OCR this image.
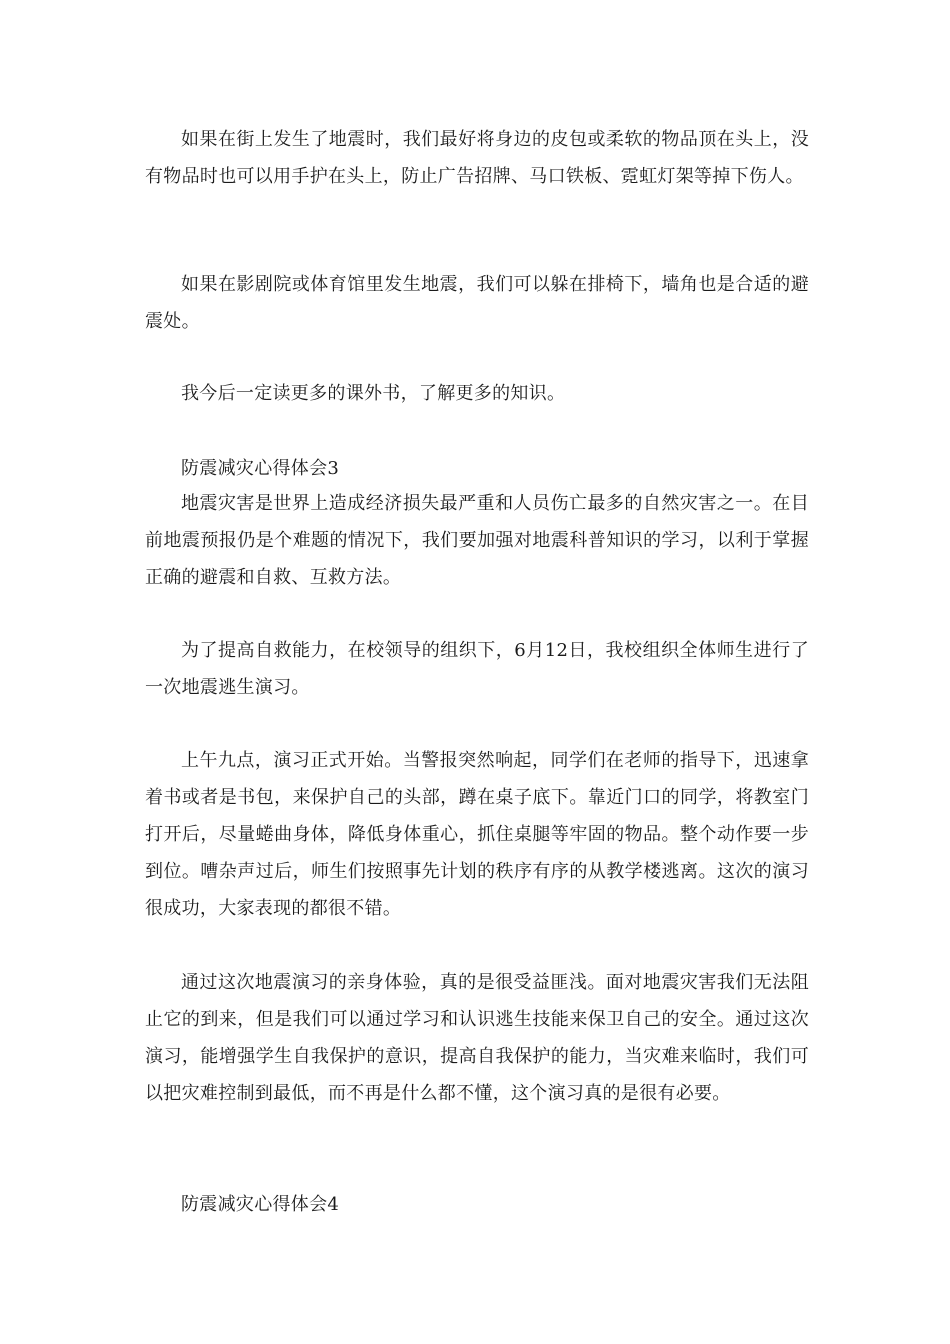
如果在街上发生了地震时，我们最好将身边的皮包或柔软的物品顶在头上，没有物品时也可以用手护在头上，防止广告招牌、马口铁板、霓虹灯架等掉下伤人。

如果在影剧院或体育馆里发生地震，我们可以躲在排椅下，墙角也是合适的避震处。

我今后一定读更多的课外书，了解更多的知识。

防震减灾心得体会3

地震灾害是世界上造成经济损失最严重和人员伤亡最多的自然灾害之一。在目前地震预报仍是个难题的情况下，我们要加强对地震科普知识的学习，以利于掌握正确的避震和自救、互救方法。

为了提高自救能力，在校领导的组织下，6月12日，我校组织全体师生进行了一次地震逃生演习。

上午九点，演习正式开始。当警报突然响起，同学们在老师的指导下，迅速拿着书或者是书包，来保护自己的头部，蹲在桌子底下。靠近门口的同学，将教室门打开后，尽量蜷曲身体，降低身体重心，抓住桌腿等牢固的物品。整个动作要一步到位。嘈杂声过后，师生们按照事先计划的秩序有序的从教学楼逃离。这次的演习很成功，大家表现的都很不错。

通过这次地震演习的亲身体验，真的是很受益匪浅。面对地震灾害我们无法阻止它的到来，但是我们可以通过学习和认识逃生技能来保卫自己的安全。通过这次演习，能增强学生自我保护的意识，提高自我保护的能力，当灾难来临时，我们可以把灾难控制到最低，而不再是什么都不懂，这个演习真的是很有必要。

防震减灾心得体会4
